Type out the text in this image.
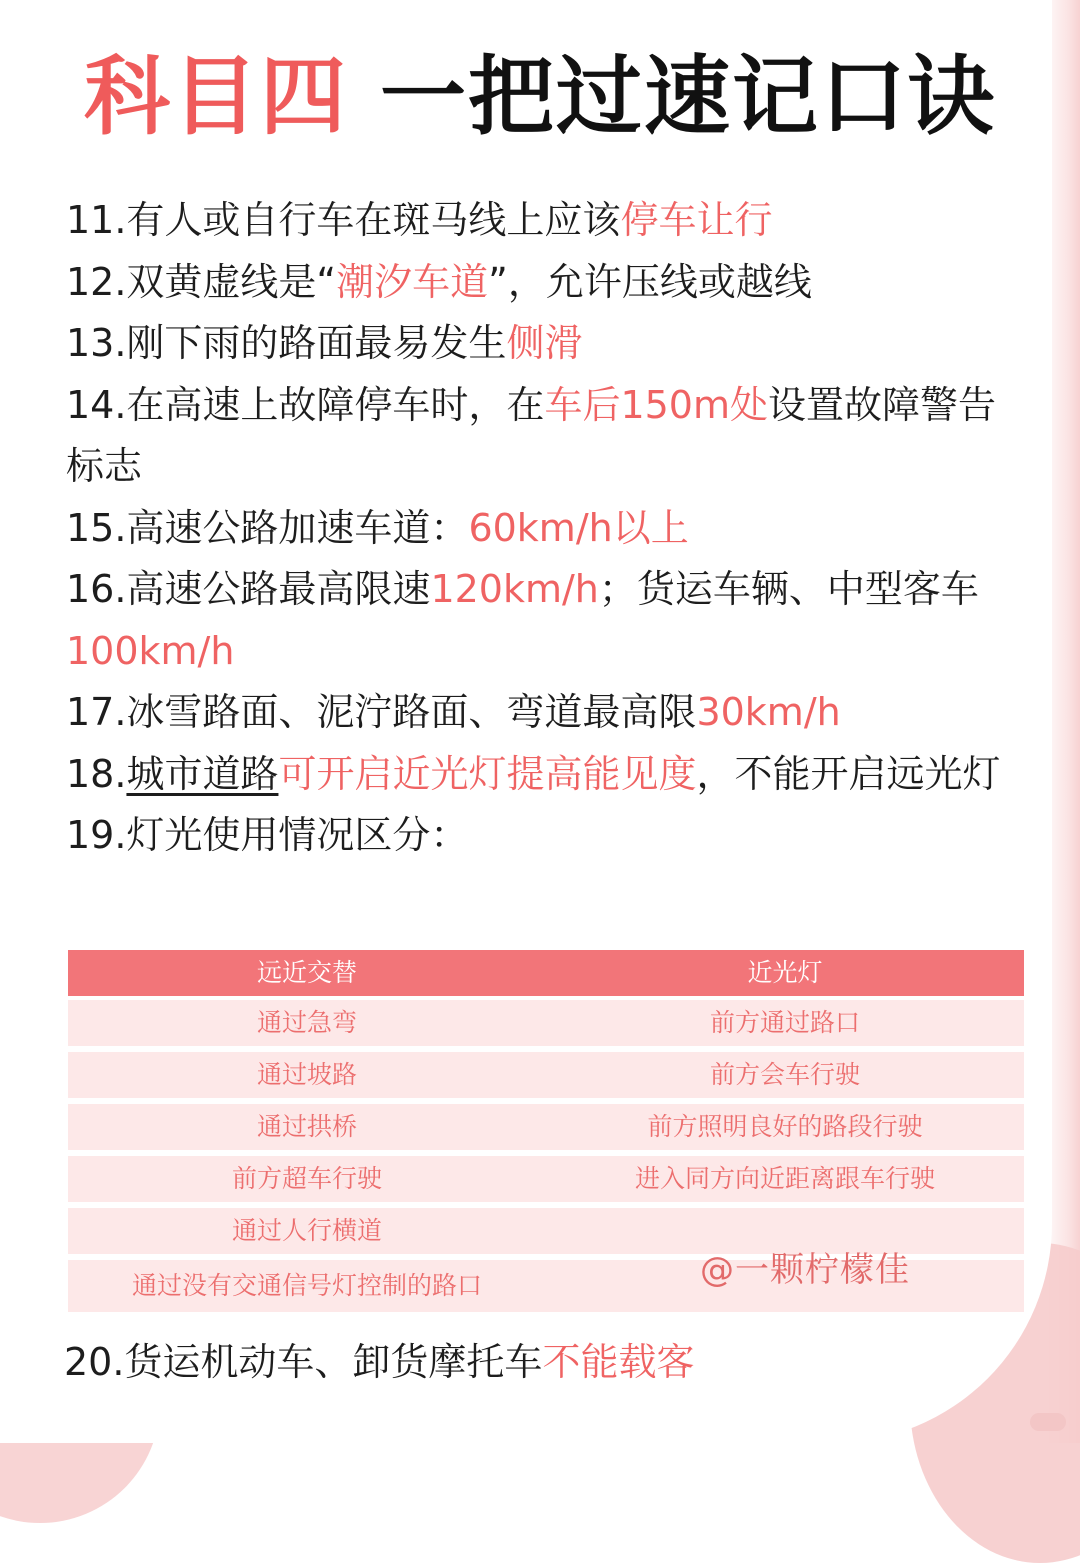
科目四 一把过速记口诀
11.有人或自行车在斑马线上应该停车让行
12.双黄虚线是“潮汐车道”，允许压线或越线
13.刚下雨的路面最易发生侧滑
14.在高速上故障停车时，在车后150m处设置故障警告标志
15.高速公路加速车道：60km/h以上
16.高速公路最高限速120km/h；货运车辆、中型客车100km/h
17.冰雪路面、泥泞路面、弯道最高限30km/h
18.城市道路可开启近光灯提高能见度，不能开启远光灯
19.灯光使用情况区分：
远近交替	近光灯
通过急弯	前方通过路口
通过坡路	前方会车行驶
通过拱桥	前方照明良好的路段行驶
前方超车行驶	进入同方向近距离跟车行驶
通过人行横道
通过没有交通信号灯控制的路口	@一颗柠檬佳
20.货运机动车、卸货摩托车不能载客
